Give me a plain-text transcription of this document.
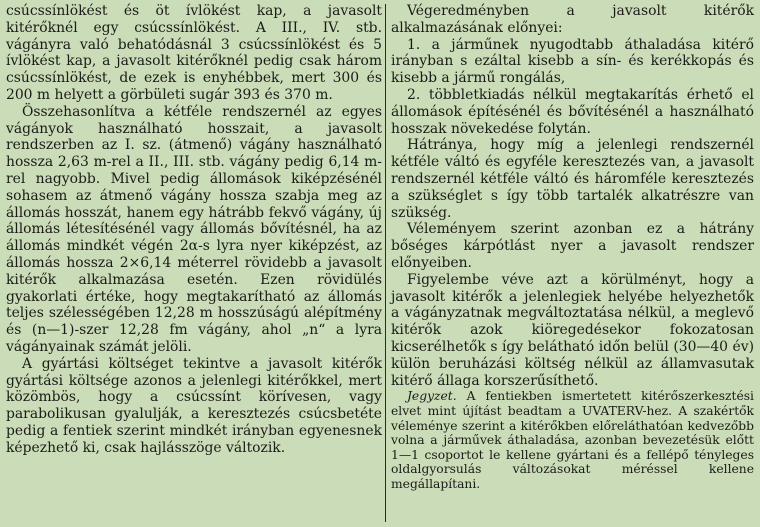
csúcssínlökést és öt ívlökést kap, a javasolt kitérőknél egy csúcssínlökést. A III., IV. stb. vágányra való behatódásnál 3 csúcssínlökést és 5 ívlökést kap, a javasolt kitérőknél pedig csak három csúcssínlökést, de ezek is enyhébbek, mert 300 és 200 m helyett a görbületi sugár 393 és 370 m.

Összehasonlítva a kétféle rendszernél az egyes vágányok használható hosszait, a javasolt rendszerben az I. sz. (átmenő) vágány használható hossza 2,63 m-rel a II., III. stb. vágány pedig 6,14 m-rel nagyobb. Mivel pedig állomások kiképzésénél sohasem az átmenő vágány hossza szabja meg az állomás hosszát, hanem egy hátrább fekvő vágány, új állomás létesítésénél vagy állomás bővítésnél, ha az állomás mindkét végén 2α-s lyra nyer kiképzést, az állomás hossza 2×6,14 méterrel rövidebb a javasolt kitérők alkalmazása esetén. Ezen rövidülés gyakorlati értéke, hogy megtakarítható az állomás teljes szélességében 12,28 m hosszúságú alépítmény és (n—1)-szer 12,28 fm vágány, ahol „n“ a lyra vágányainak számát jelöli.

A gyártási költséget tekintve a javasolt kitérők gyártási költsége azonos a jelenlegi kitérőkkel, mert közömbös, hogy a csúcssínt körívesen, vagy parabolikusan gyalulják, a keresztezés csúcsbetéte pedig a fentiek szerint mindkét irányban egyenesnek képezhető ki, csak hajlásszöge változik.

Végeredményben a javasolt kitérők alkalmazásának előnyei:

1. a járműnek nyugodtabb áthaladása kitérő irányban s ezáltal kisebb a sín- és kerékkopás és kisebb a jármű rongálás,

2. többletkiadás nélkül megtakarítás érhető el állomások építésénél és bővítésénél a használható hosszak növekedése folytán.

Hátránya, hogy míg a jelenlegi rendszernél kétféle váltó és egyféle keresztezés van, a javasolt rendszernél kétféle váltó és háromféle keresztezés a szükséglet s így több tartalék alkatrészre van szükség.

Véleményem szerint azonban ez a hátrány bőséges kárpótlást nyer a javasolt rendszer előnyeiben.

Figyelembe véve azt a körülményt, hogy a javasolt kitérők a jelenlegiek helyébe helyezhetők a vágányzatnak megváltoztatása nélkül, a meglevő kitérők azok kiöregedésekor fokozatosan kicserélhetők s így belátható időn belül (30—40 év) külön beruházási költség nélkül az államvasutak kitérő állaga korszerűsíthető.

Jegyzet. A fentiekben ismertetett kitérőszerkesztési elvet mint újítást beadtam a UVATERV-hez. A szakértők véleménye szerint a kitérőkben előreláthatóan kedvezőbb volna a járművek áthaladása, azonban bevezetésük előtt 1—1 csoportot le kellene gyártani és a fellépő tényleges oldalgyorsulás változásokat méréssel kellene megállapítani.
